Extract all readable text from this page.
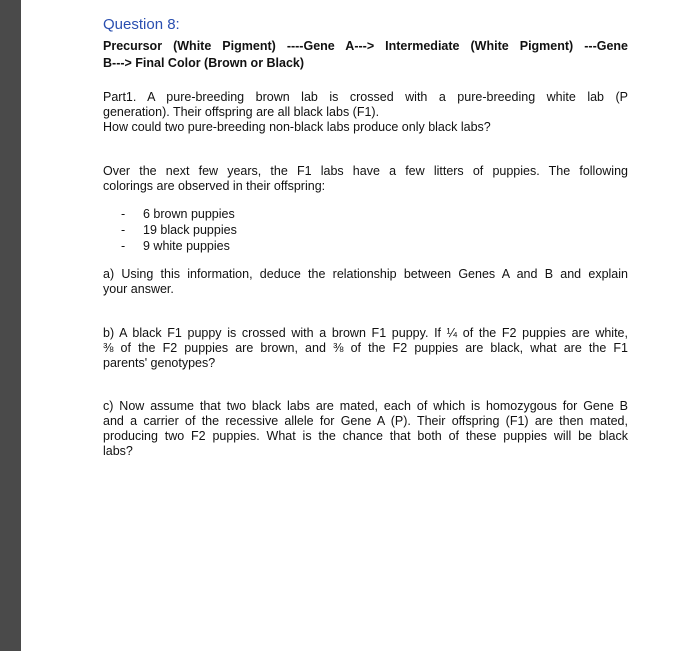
Question 8:
Precursor (White Pigment) ----Gene A---> Intermediate (White Pigment) ---Gene
B---> Final Color (Brown or Black)
Part1. A pure-breeding brown lab is crossed with a pure-breeding white lab (P
generation). Their offspring are all black labs (F1).
How could two pure-breeding non-black labs produce only black labs?
Over the next few years, the F1 labs have a few litters of puppies. The following
colorings are observed in their offspring:
- 6 brown puppies
- 19 black puppies
- 9 white puppies
a) Using this information, deduce the relationship between Genes A and B and explain
your answer.
b) A black F1 puppy is crossed with a brown F1 puppy. If ¼ of the F2 puppies are white,
⅜ of the F2 puppies are brown, and ⅜ of the F2 puppies are black, what are the F1
parents' genotypes?
c) Now assume that two black labs are mated, each of which is homozygous for Gene B
and a carrier of the recessive allele for Gene A (P). Their offspring (F1) are then mated,
producing two F2 puppies. What is the chance that both of these puppies will be black
labs?
